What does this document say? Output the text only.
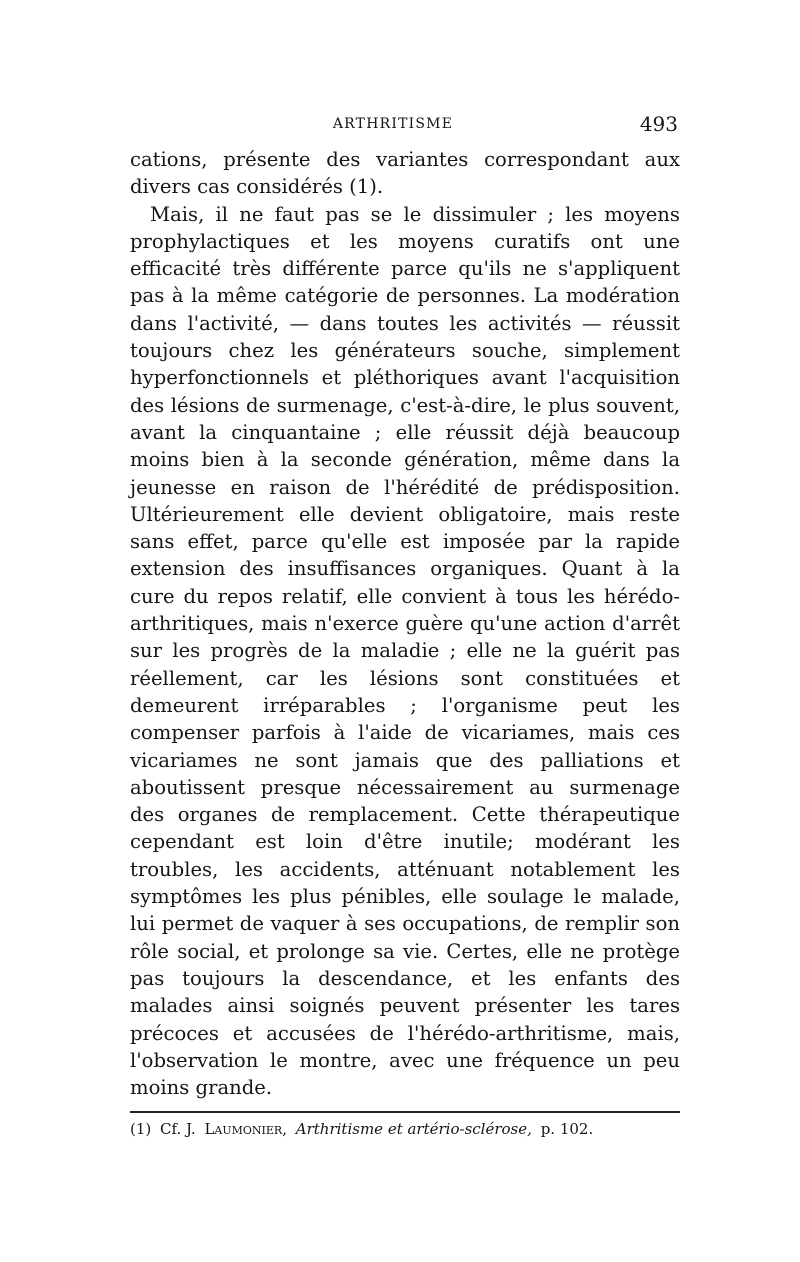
ARTHRITISME	493

cations, présente des variantes correspondant aux divers cas considérés (1).

Mais, il ne faut pas se le dissimuler ; les moyens prophylactiques et les moyens curatifs ont une efficacité très différente parce qu'ils ne s'appliquent pas à la même catégorie de personnes. La modération dans l'activité, — dans toutes les activités — réussit toujours chez les générateurs souche, simplement hyperfonctionnels et pléthoriques avant l'acquisition des lésions de surmenage, c'est-à-dire, le plus souvent, avant la cinquantaine ; elle réussit déjà beaucoup moins bien à la seconde génération, même dans la jeunesse en raison de l'hérédité de prédisposition. Ultérieurement elle devient obligatoire, mais reste sans effet, parce qu'elle est imposée par la rapide extension des insuffisances organiques. Quant à la cure du repos relatif, elle convient à tous les hérédo-arthritiques, mais n'exerce guère qu'une action d'arrêt sur les progrès de la maladie ; elle ne la guérit pas réellement, car les lésions sont constituées et demeurent irréparables ; l'organisme peut les compenser parfois à l'aide de vicariames, mais ces vicariames ne sont jamais que des palliations et aboutissent presque nécessairement au surmenage des organes de remplacement. Cette thérapeutique cependant est loin d'être inutile; modérant les troubles, les accidents, atténuant notablement les symptômes les plus pénibles, elle soulage le malade, lui permet de vaquer à ses occupations, de remplir son rôle social, et prolonge sa vie. Certes, elle ne protège pas toujours la descendance, et les enfants des malades ainsi soignés peuvent présenter les tares précoces et accusées de l'hérédo-arthritisme, mais, l'observation le montre, avec une fréquence un peu moins grande.

(1) Cf. J. Laumonier, Arthritisme et artério-sclérose, p. 102.
